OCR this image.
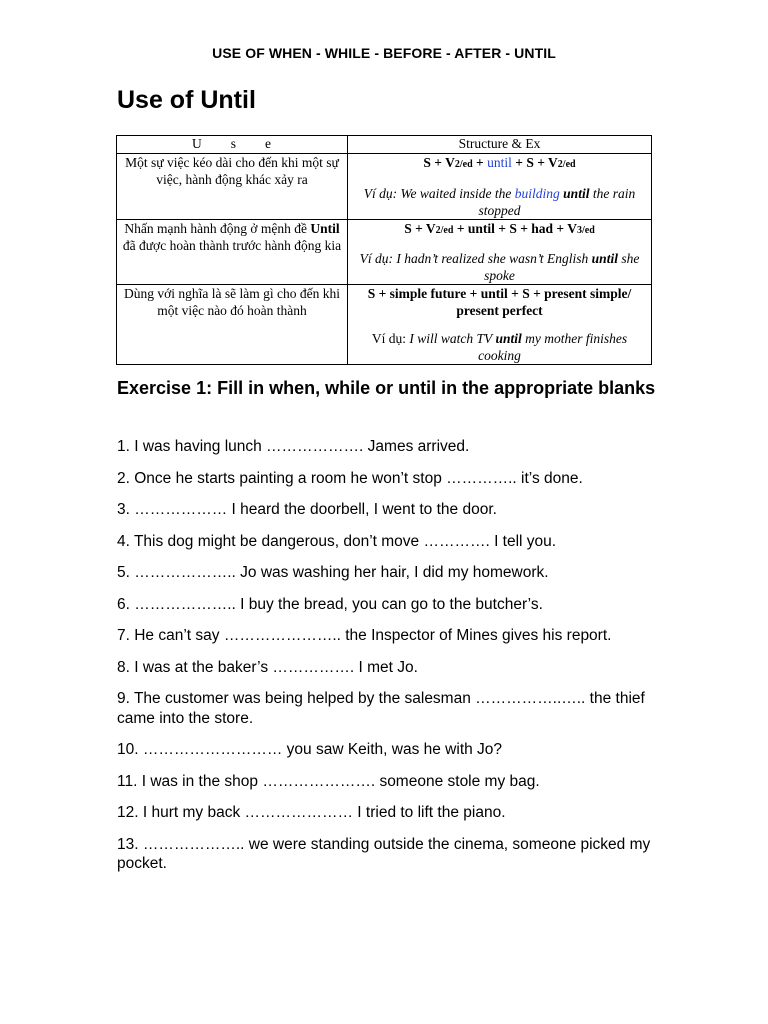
USE OF WHEN - WHILE - BEFORE - AFTER - UNTIL
Use of Until
U s e	Structure & Ex
Một sự việc kéo dài cho đến khi một sự việc, hành động khác xảy ra	S + V2/ed + until + S + V2/ed
Ví dụ: We waited inside the building until the rain stopped

Nhấn mạnh hành động ở mệnh đề Until đã được hoàn thành trước hành động kia	S + V2/ed + until + S + had + V3/ed
Ví dụ: I hadn’t realized she wasn’t English until she spoke

Dùng với nghĩa là sẽ làm gì cho đến khi một việc nào đó hoàn thành	S + simple future + until + S + present simple/ present perfect
Ví dụ: I will watch TV until my mother finishes cooking
Exercise 1: Fill in when, while or until in the appropriate blanks
1. I was having lunch ………………. James arrived.
2. Once he starts painting a room he won’t stop ………….. it’s done.
3. ……………… I heard the doorbell, I went to the door.
4. This dog might be dangerous, don’t move …………. I tell you.
5. ……………….. Jo was washing her hair, I did my homework.
6. ……………….. I buy the bread, you can go to the butcher’s.
7. He can’t say ………………….. the Inspector of Mines gives his report.
8. I was at the baker’s ……………. I met Jo.
9. The customer was being helped by the salesman ……………..….. the thief came into the store.
10. ……………………… you saw Keith, was he with Jo?
11. I was in the shop …………………. someone stole my bag.
12. I hurt my back ………………… I tried to lift the piano.
13. ……………….. we were standing outside the cinema, someone picked my pocket.
